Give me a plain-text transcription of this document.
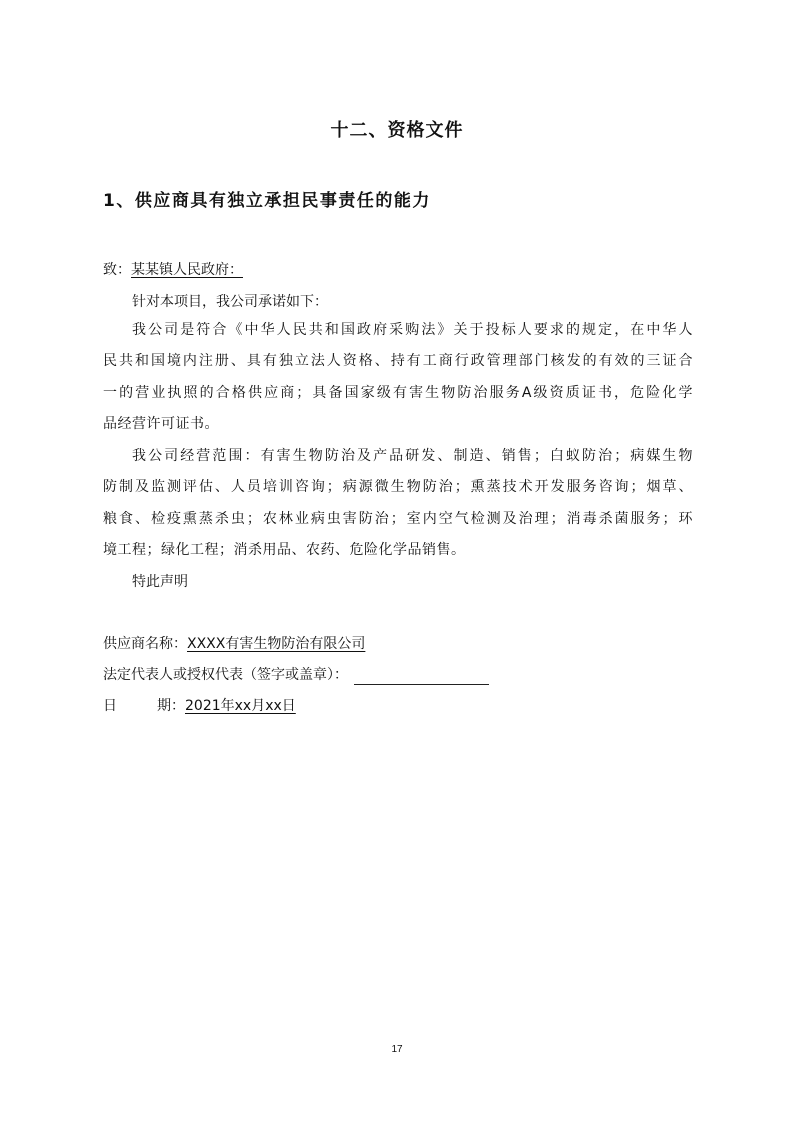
十二、资格文件
1、供应商具有独立承担民事责任的能力
致：某某镇人民政府：
针对本项目，我公司承诺如下：
我公司是符合《中华人民共和国政府采购法》关于投标人要求的规定，在中华人
民共和国境内注册、具有独立法人资格、持有工商行政管理部门核发的有效的三证合
一的营业执照的合格供应商；具备国家级有害生物防治服务A级资质证书，危险化学
品经营许可证书。
我公司经营范围：有害生物防治及产品研发、制造、销售；白蚁防治；病媒生物
防制及监测评估、人员培训咨询；病源微生物防治；熏蒸技术开发服务咨询；烟草、
粮食、检疫熏蒸杀虫；农林业病虫害防治；室内空气检测及治理；消毒杀菌服务；环
境工程；绿化工程；消杀用品、农药、危险化学品销售。
特此声明
供应商名称：XXXX有害生物防治有限公司
法定代表人或授权代表（签字或盖章）：
日	期：2021年xx月xx日
17
